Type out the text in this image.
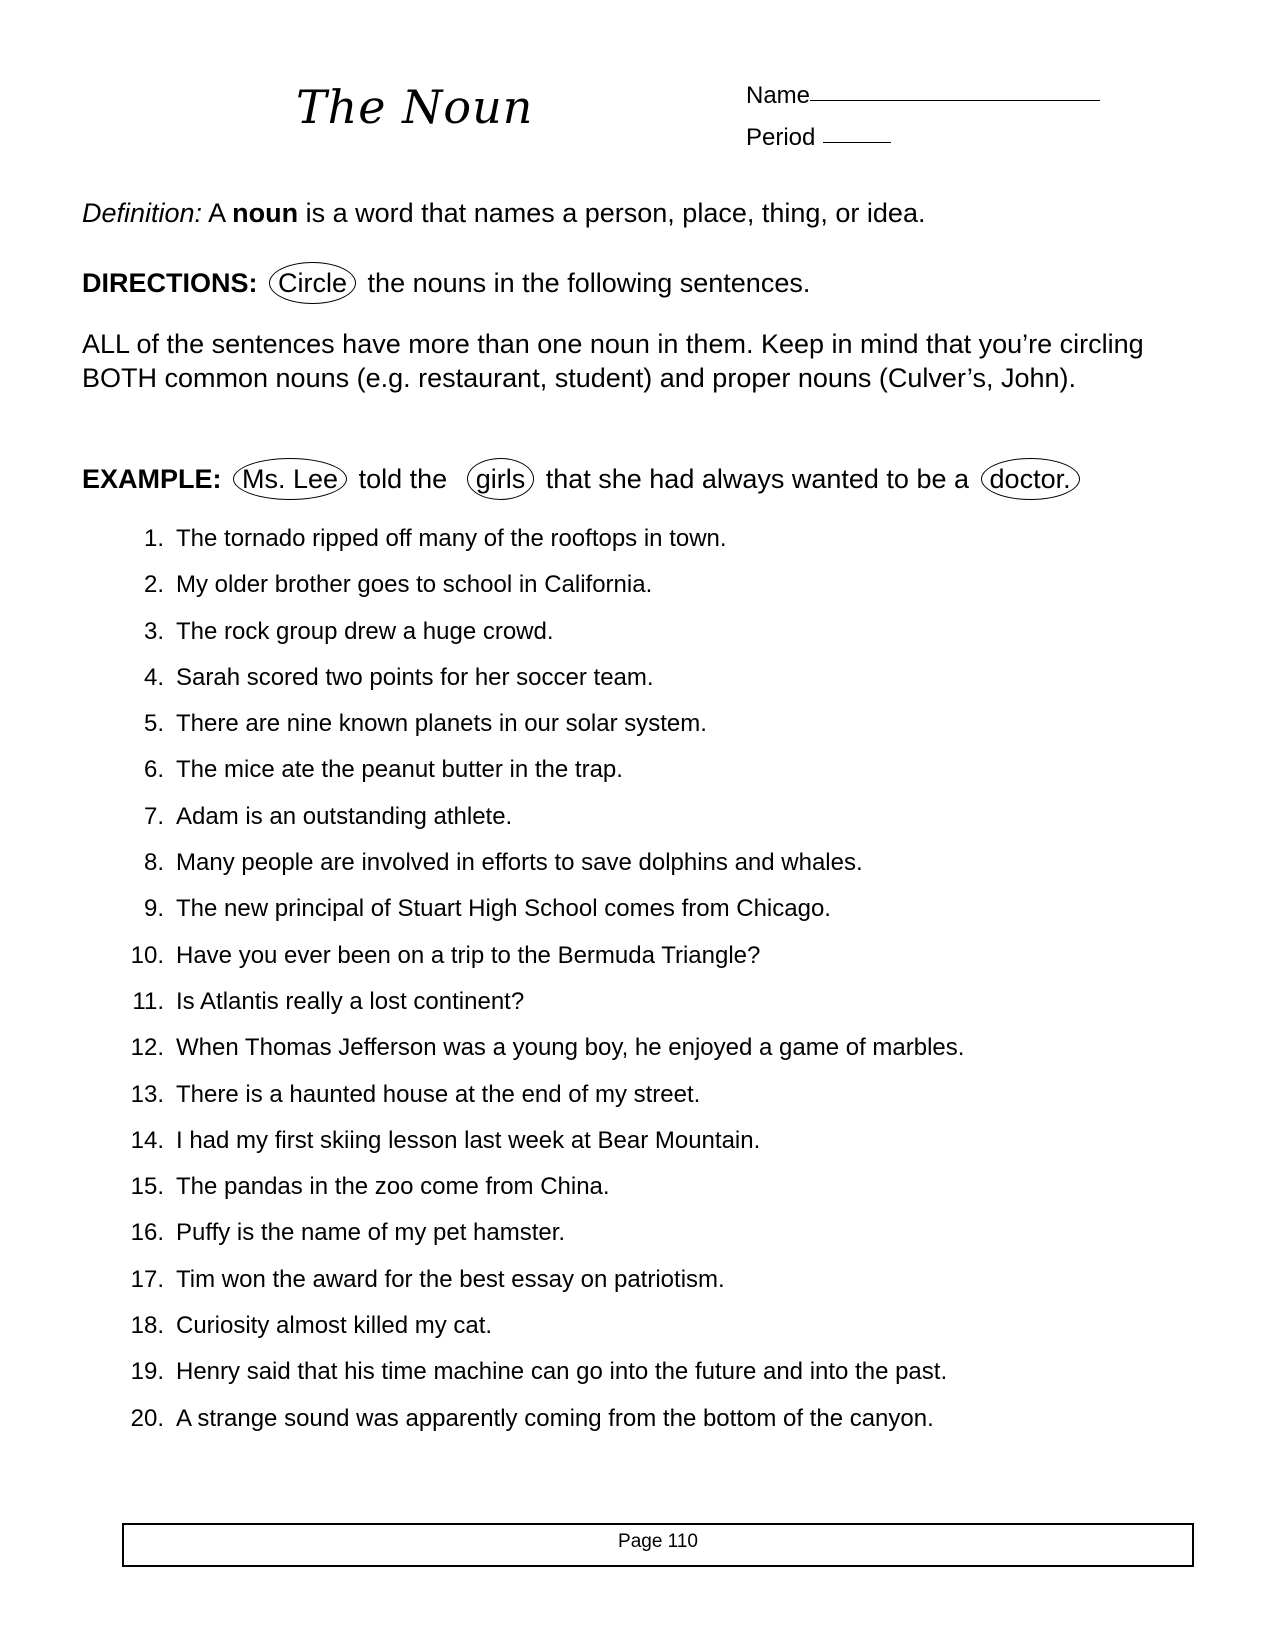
The Noun	Name
Period
Definition: A noun is a word that names a person, place, thing, or idea.
DIRECTIONS: Circle the nouns in the following sentences.
ALL of the sentences have more than one noun in them. Keep in mind that you’re circling BOTH common nouns (e.g. restaurant, student) and proper nouns (Culver’s, John).
EXAMPLE: Ms. Lee told the girls that she had always wanted to be a doctor.
1. The tornado ripped off many of the rooftops in town.
2. My older brother goes to school in California.
3. The rock group drew a huge crowd.
4. Sarah scored two points for her soccer team.
5. There are nine known planets in our solar system.
6. The mice ate the peanut butter in the trap.
7. Adam is an outstanding athlete.
8. Many people are involved in efforts to save dolphins and whales.
9. The new principal of Stuart High School comes from Chicago.
10. Have you ever been on a trip to the Bermuda Triangle?
11. Is Atlantis really a lost continent?
12. When Thomas Jefferson was a young boy, he enjoyed a game of marbles.
13. There is a haunted house at the end of my street.
14. I had my first skiing lesson last week at Bear Mountain.
15. The pandas in the zoo come from China.
16. Puffy is the name of my pet hamster.
17. Tim won the award for the best essay on patriotism.
18. Curiosity almost killed my cat.
19. Henry said that his time machine can go into the future and into the past.
20. A strange sound was apparently coming from the bottom of the canyon.
Page 110
